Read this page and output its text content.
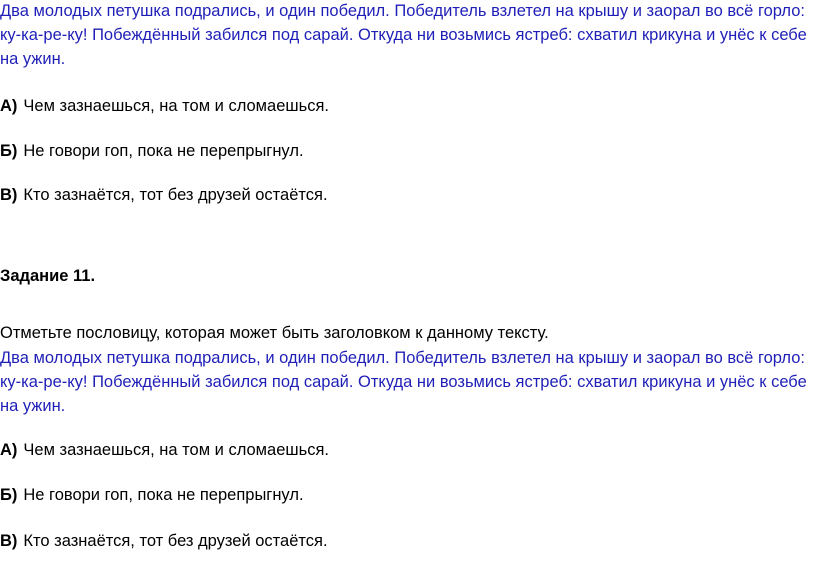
Два молодых петушка подрались, и один победил. Победитель взлетел на крышу и заорал во всё горло:
ку-ка-ре-ку! Побеждённый забился под сарай. Откуда ни возьмись ястреб: схватил крикуна и унёс к себе
на ужин.
А) Чем зазнаешься, на том и сломаешься.
Б) Не говори гоп, пока не перепрыгнул.
В) Кто зазнаётся, тот без друзей остаётся.
Задание 11.
Отметьте пословицу, которая может быть заголовком к данному тексту.
Два молодых петушка подрались, и один победил. Победитель взлетел на крышу и заорал во всё горло:
ку-ка-ре-ку! Побеждённый забился под сарай. Откуда ни возьмись ястреб: схватил крикуна и унёс к себе
на ужин.
А) Чем зазнаешься, на том и сломаешься.
Б) Не говори гоп, пока не перепрыгнул.
В) Кто зазнаётся, тот без друзей остаётся.
